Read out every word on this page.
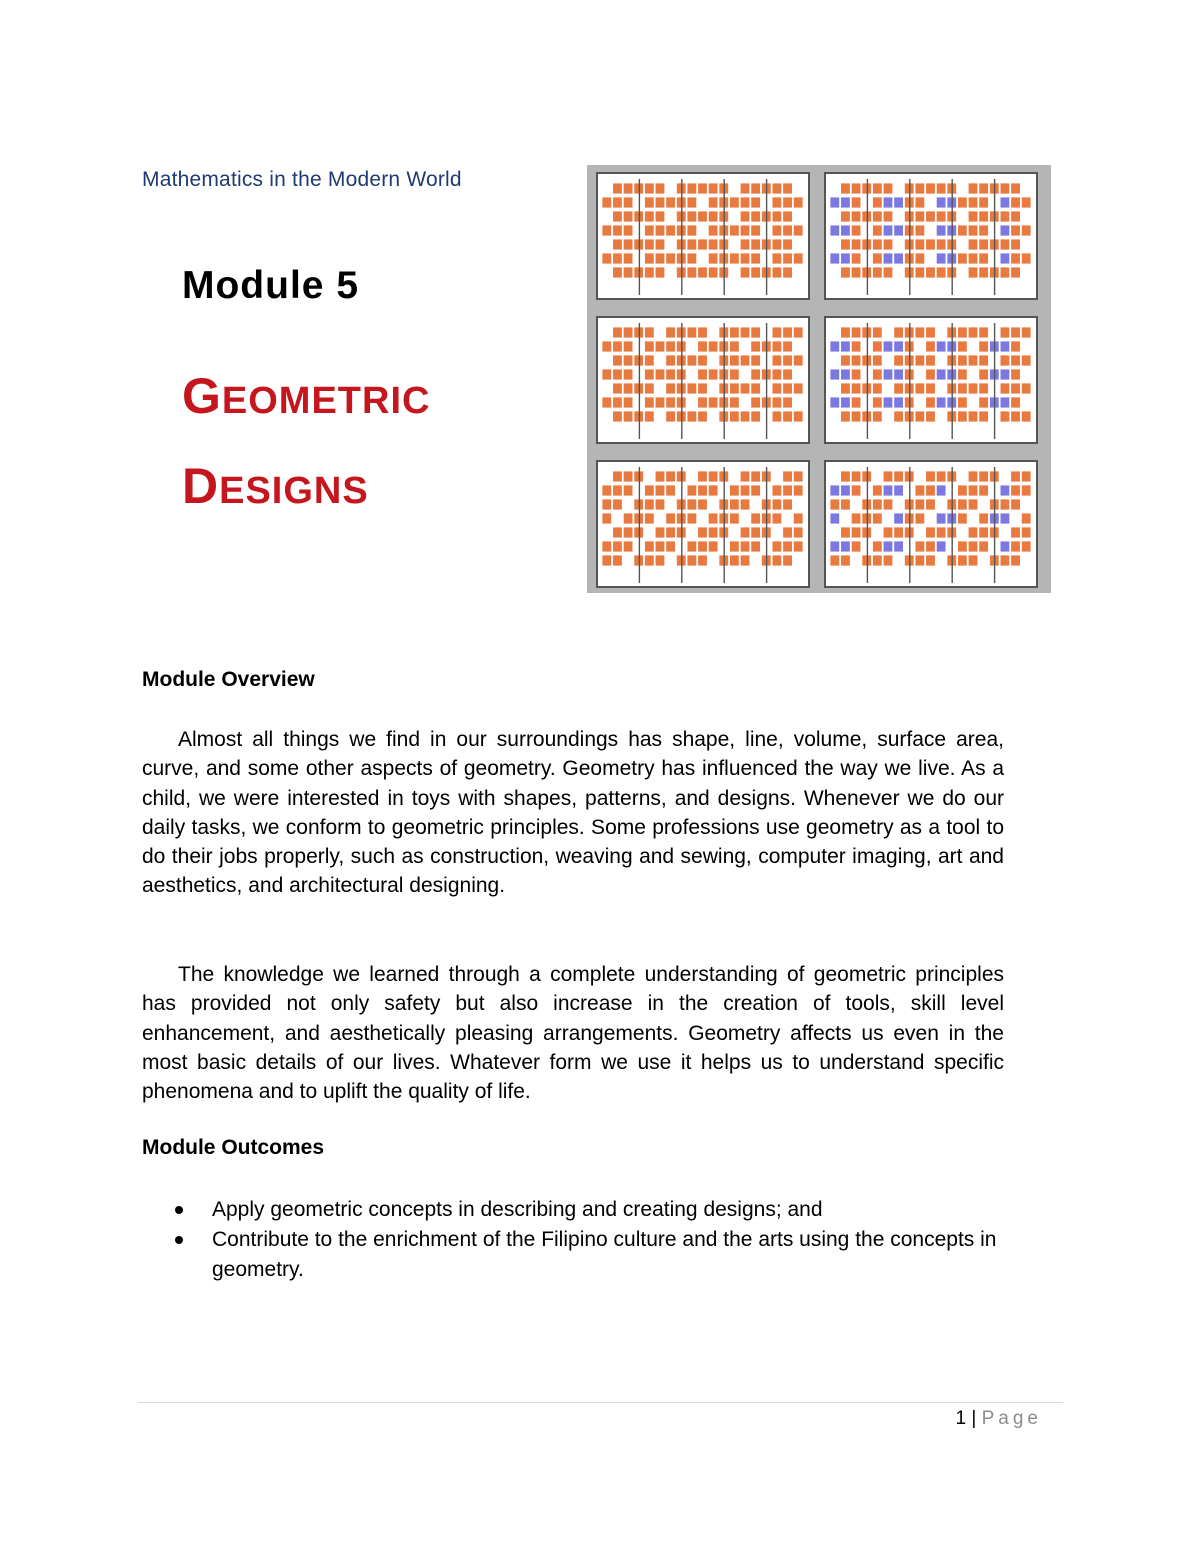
Mathematics in the Modern World
Module 5
GEOMETRIC
DESIGNS
Module Overview

Almost all things we find in our surroundings has shape, line, volume, surface area, curve, and some other aspects of geometry. Geometry has influenced the way we live. As a child, we were interested in toys with shapes, patterns, and designs. Whenever we do our daily tasks, we conform to geometric principles. Some professions use geometry as a tool to do their jobs properly, such as construction, weaving and sewing, computer imaging, art and aesthetics, and architectural designing.

The knowledge we learned through a complete understanding of geometric principles has provided not only safety but also increase in the creation of tools, skill level enhancement, and aesthetically pleasing arrangements. Geometry affects us even in the most basic details of our lives. Whatever form we use it helps us to understand specific phenomena and to uplift the quality of life.

Module Outcomes
Apply geometric concepts in describing and creating designs; and
Contribute to the enrichment of the Filipino culture and the arts using the concepts in geometry.
1 | Page
